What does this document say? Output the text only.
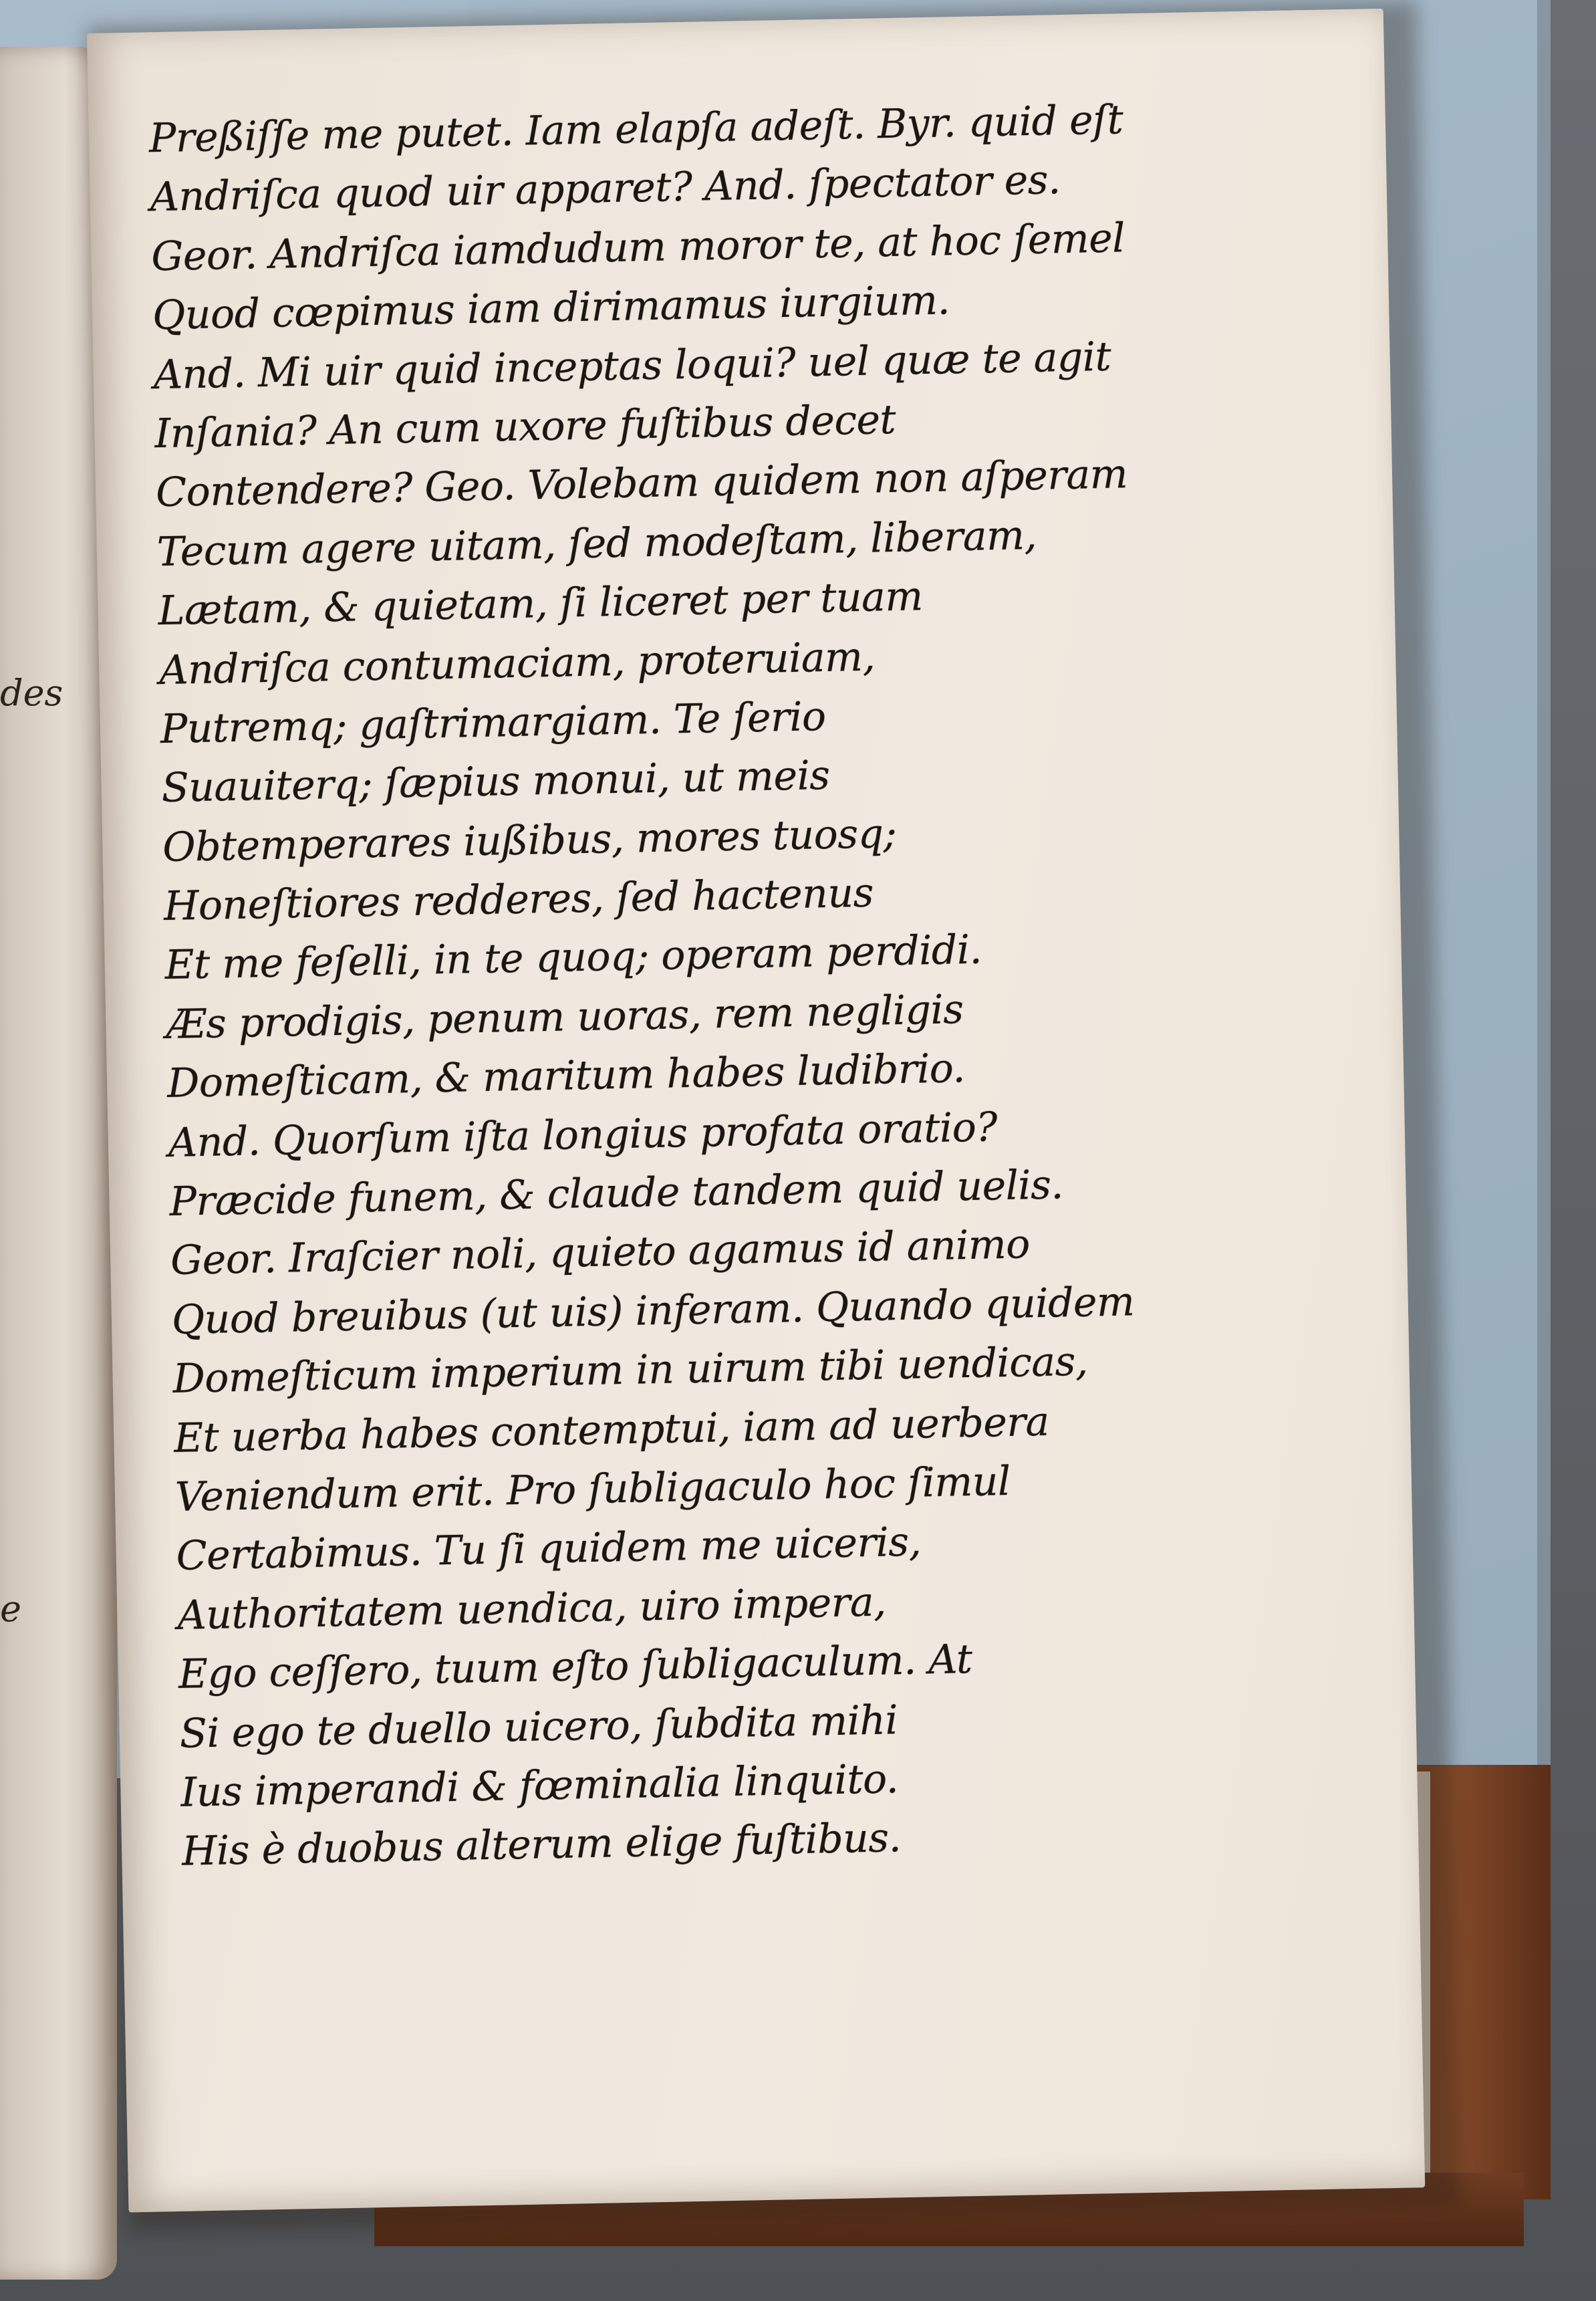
des
e
Preßiſſe me putet. Iam elapſa adeſt. Byr. quid eſt
Andriſca quod uir apparet? And. ſpectator es.
Geor. Andriſca iamdudum moror te, at hoc ſemel
Quod cœpimus iam dirimamus iurgium.
And. Mi uir quid inceptas loqui? uel quæ te agit
Inſania? An cum uxore fuſtibus decet
Contendere? Geo. Volebam quidem non aſperam
Tecum agere uitam, ſed modeſtam, liberam,
Lætam, & quietam, ſi liceret per tuam
Andriſca contumaciam, proteruiam,
Putremq; gaſtrimargiam. Te ſerio
Suauiterq; ſæpius monui, ut meis
Obtemperares iußibus, mores tuosq;
Honeſtiores redderes, ſed hactenus
Et me feſelli, in te quoq; operam perdidi.
Æs prodigis, penum uoras, rem negligis
Domeſticam, & maritum habes ludibrio.
And. Quorſum iſta longius profata oratio?
Præcide funem, & claude tandem quid uelis.
Geor. Iraſcier noli, quieto agamus id animo
Quod breuibus (ut uis) inferam. Quando quidem
Domeſticum imperium in uirum tibi uendicas,
Et uerba habes contemptui, iam ad uerbera
Veniendum erit. Pro ſubligaculo hoc ſimul
Certabimus. Tu ſi quidem me uiceris,
Authoritatem uendica, uiro impera,
Ego ceſſero, tuum eſto ſubligaculum. At
Si ego te duello uicero, ſubdita mihi
Ius imperandi & fœminalia linquito.
His è duobus alterum elige fuſtibus.
